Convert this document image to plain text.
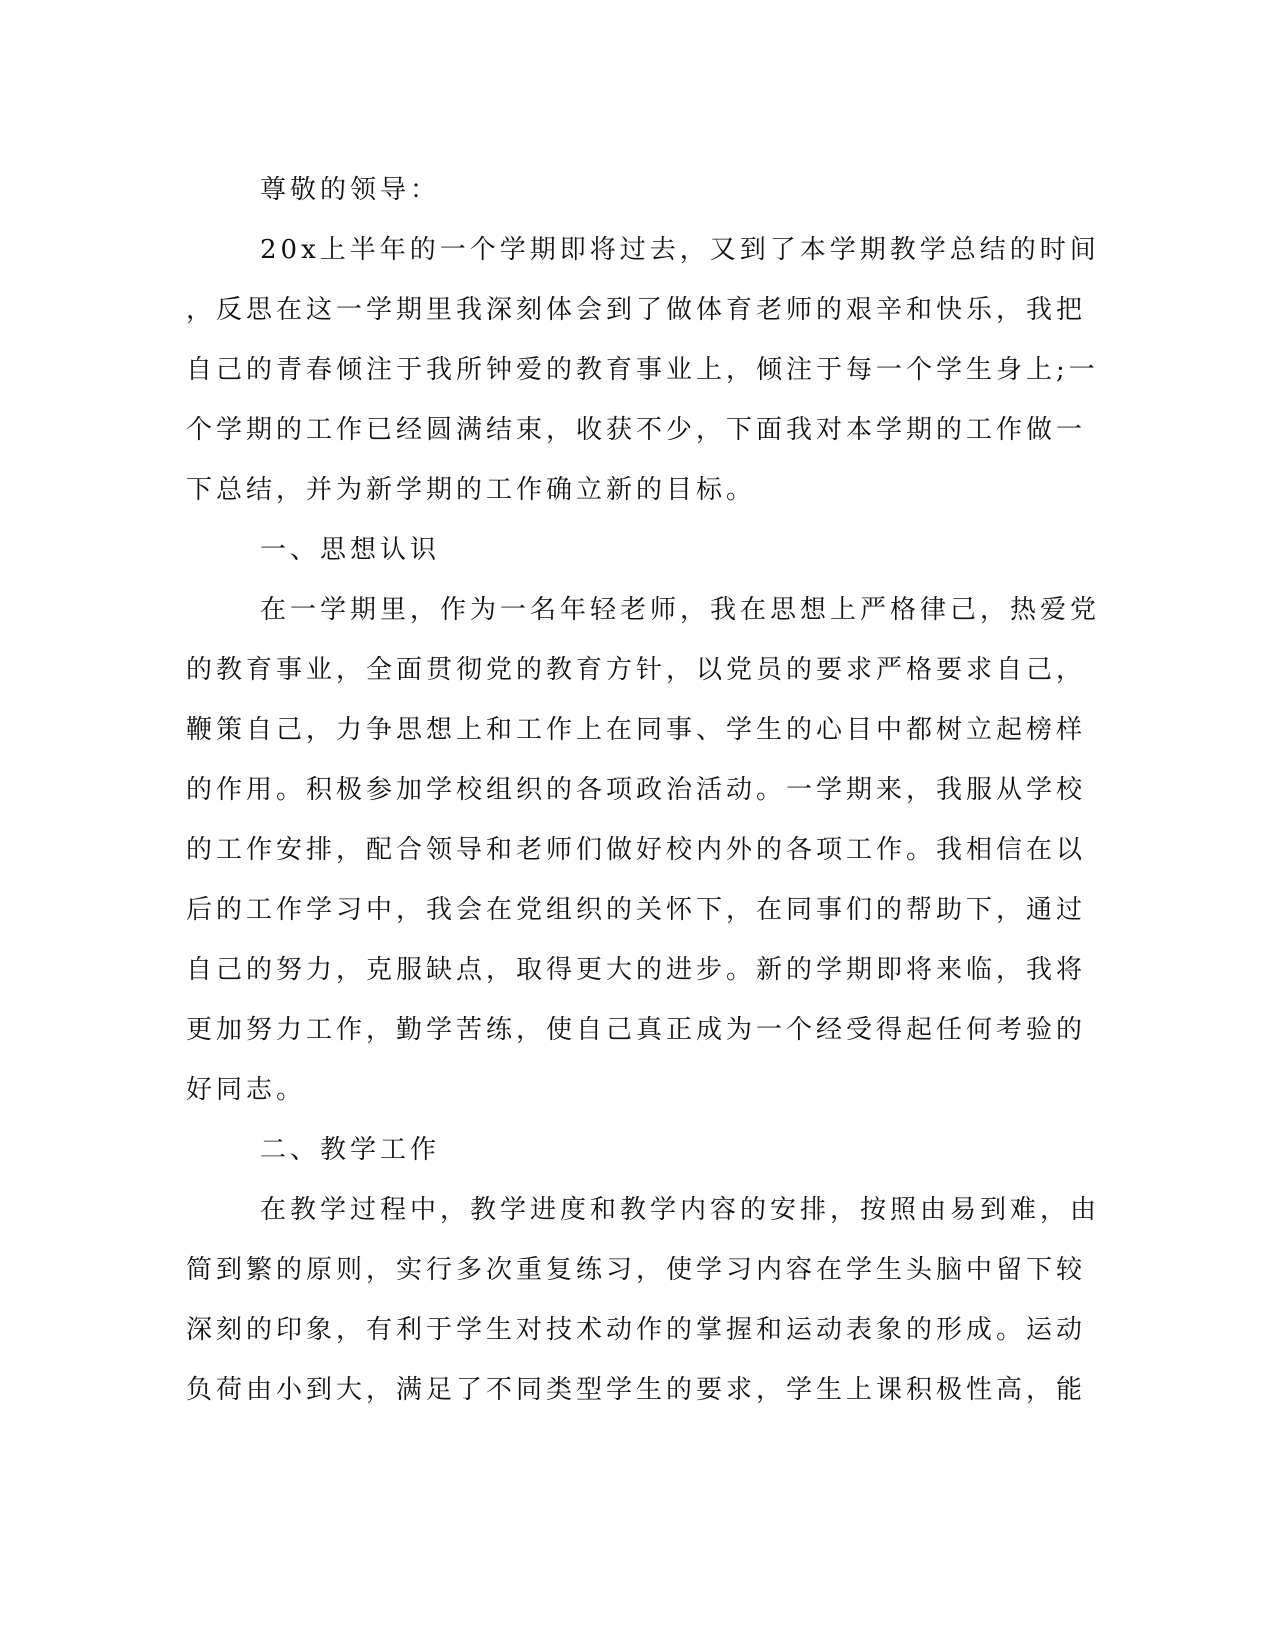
尊敬的领导：
20x上半年的一个学期即将过去，又到了本学期教学总结的时间
，反思在这一学期里我深刻体会到了做体育老师的艰辛和快乐，我把
自己的青春倾注于我所钟爱的教育事业上，倾注于每一个学生身上;一
个学期的工作已经圆满结束，收获不少，下面我对本学期的工作做一
下总结，并为新学期的工作确立新的目标。
一、思想认识
在一学期里，作为一名年轻老师，我在思想上严格律己，热爱党
的教育事业，全面贯彻党的教育方针，以党员的要求严格要求自己，
鞭策自己，力争思想上和工作上在同事、学生的心目中都树立起榜样
的作用。积极参加学校组织的各项政治活动。一学期来，我服从学校
的工作安排，配合领导和老师们做好校内外的各项工作。我相信在以
后的工作学习中，我会在党组织的关怀下，在同事们的帮助下，通过
自己的努力，克服缺点，取得更大的进步。新的学期即将来临，我将
更加努力工作，勤学苦练，使自己真正成为一个经受得起任何考验的
好同志。
二、教学工作
在教学过程中，教学进度和教学内容的安排，按照由易到难，由
简到繁的原则，实行多次重复练习，使学习内容在学生头脑中留下较
深刻的印象，有利于学生对技术动作的掌握和运动表象的形成。运动
负荷由小到大，满足了不同类型学生的要求，学生上课积极性高，能
